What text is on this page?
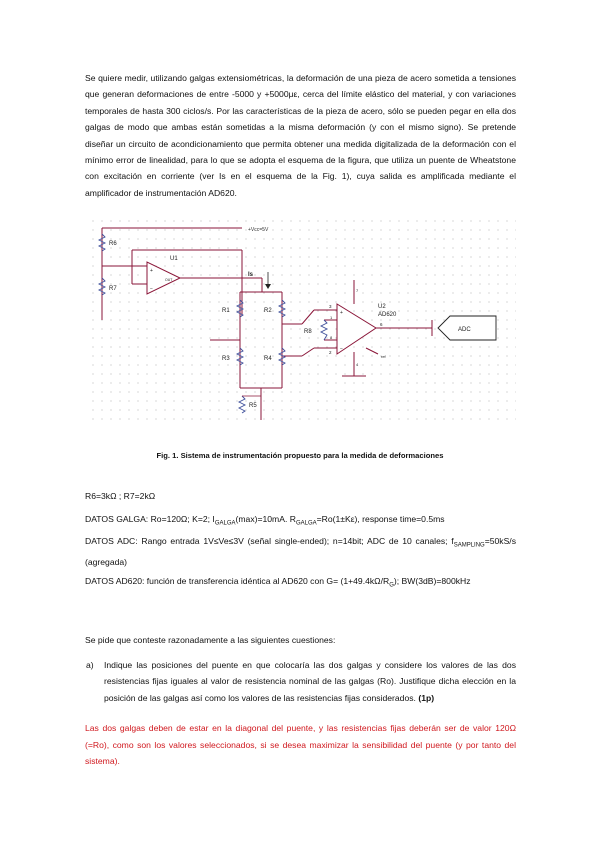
Se quiere medir, utilizando galgas extensiométricas, la deformación de una pieza de acero sometida a tensiones que generan deformaciones de entre -5000 y +5000με, cerca del límite elástico del material, y con variaciones temporales de hasta 300 ciclos/s. Por las características de la pieza de acero, sólo se pueden pegar en ella dos galgas de modo que ambas están sometidas a la misma deformación (y con el mismo signo). Se pretende diseñar un circuito de acondicionamiento que permita obtener una medida digitalizada de la deformación con el mínimo error de linealidad, para lo que se adopta el esquema de la figura, que utiliza un puente de Wheatstone con excitación en corriente (ver Is en el esquema de la Fig. 1), cuya salida es amplificada mediante el amplificador de instrumentación AD620.
+Vcc=5V
R6
R7
+
−
OUT
U1
Is
R1	R2
R3	R4
R5
R8
+
−
3
2
1
8
6
7
4
ref
U2
AD620
ADC
Fig. 1. Sistema de instrumentación propuesto para la medida de deformaciones
R6=3kΩ ; R7=2kΩ
DATOS GALGA: Ro=120Ω; K=2; $I_{GALGA}(\max)=10mA$. $R_{GALGA}=Ro(1\pm K\varepsilon)$, response time=0.5ms
DATOS ADC: Rango entrada 1V≤Ve≤3V (señal single-ended); n=14bit; ADC de 10 canales; $f_{SAMPLING}=50kS/s$ (agregada)
DATOS AD620: función de transferencia idéntica al AD620 con $G= (1+49.4k\Omega/R_G)$; BW(3dB)=800kHz
Se pide que conteste razonadamente a las siguientes cuestiones:
a) Indique las posiciones del puente en que colocaría las dos galgas y considere los valores de las dos resistencias fijas iguales al valor de resistencia nominal de las galgas (Ro). Justifique dicha elección en la posición de las galgas así como los valores de las resistencias fijas considerados. (1p)
Las dos galgas deben de estar en la diagonal del puente, y las resistencias fijas deberán ser de valor 120Ω (=Ro), como son los valores seleccionados, si se desea maximizar la sensibilidad del puente (y por tanto del sistema).
